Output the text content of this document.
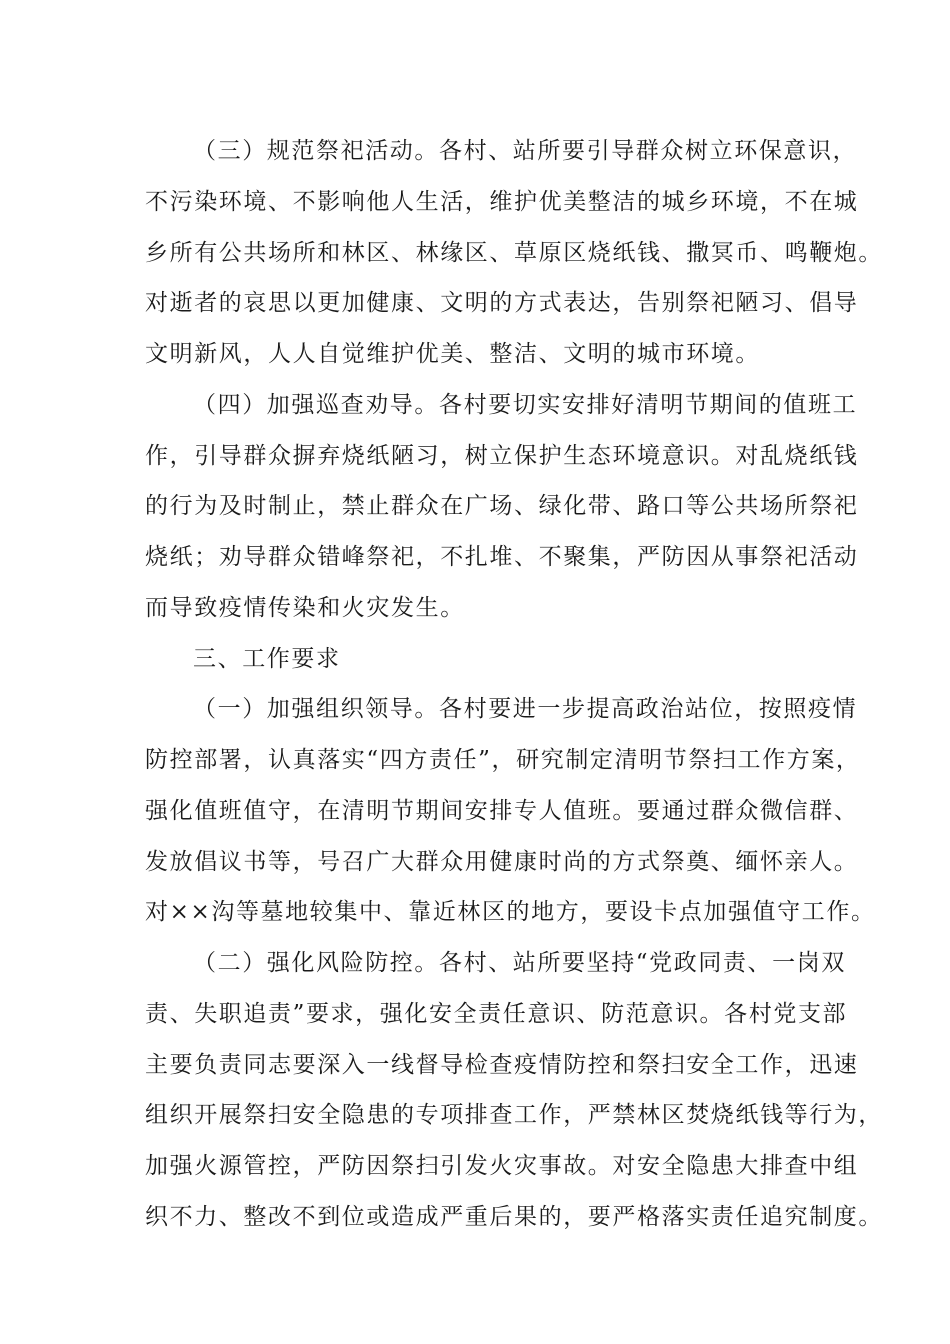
（三）规范祭祀活动。各村、站所要引导群众树立环保意识，
不污染环境、不影响他人生活，维护优美整洁的城乡环境，不在城
乡所有公共场所和林区、林缘区、草原区烧纸钱、撒冥币、鸣鞭炮。
对逝者的哀思以更加健康、文明的方式表达，告别祭祀陋习、倡导
文明新风，人人自觉维护优美、整洁、文明的城市环境。
（四）加强巡查劝导。各村要切实安排好清明节期间的值班工
作，引导群众摒弃烧纸陋习，树立保护生态环境意识。对乱烧纸钱
的行为及时制止，禁止群众在广场、绿化带、路口等公共场所祭祀
烧纸；劝导群众错峰祭祀，不扎堆、不聚集，严防因从事祭祀活动
而导致疫情传染和火灾发生。
三、工作要求
（一）加强组织领导。各村要进一步提高政治站位，按照疫情
防控部署，认真落实“四方责任”，研究制定清明节祭扫工作方案，
强化值班值守，在清明节期间安排专人值班。要通过群众微信群、
发放倡议书等，号召广大群众用健康时尚的方式祭奠、缅怀亲人。
对××沟等墓地较集中、靠近林区的地方，要设卡点加强值守工作。
（二）强化风险防控。各村、站所要坚持“党政同责、一岗双
责、失职追责”要求，强化安全责任意识、防范意识。各村党支部
主要负责同志要深入一线督导检查疫情防控和祭扫安全工作，迅速
组织开展祭扫安全隐患的专项排查工作，严禁林区焚烧纸钱等行为，
加强火源管控，严防因祭扫引发火灾事故。对安全隐患大排查中组
织不力、整改不到位或造成严重后果的，要严格落实责任追究制度。
